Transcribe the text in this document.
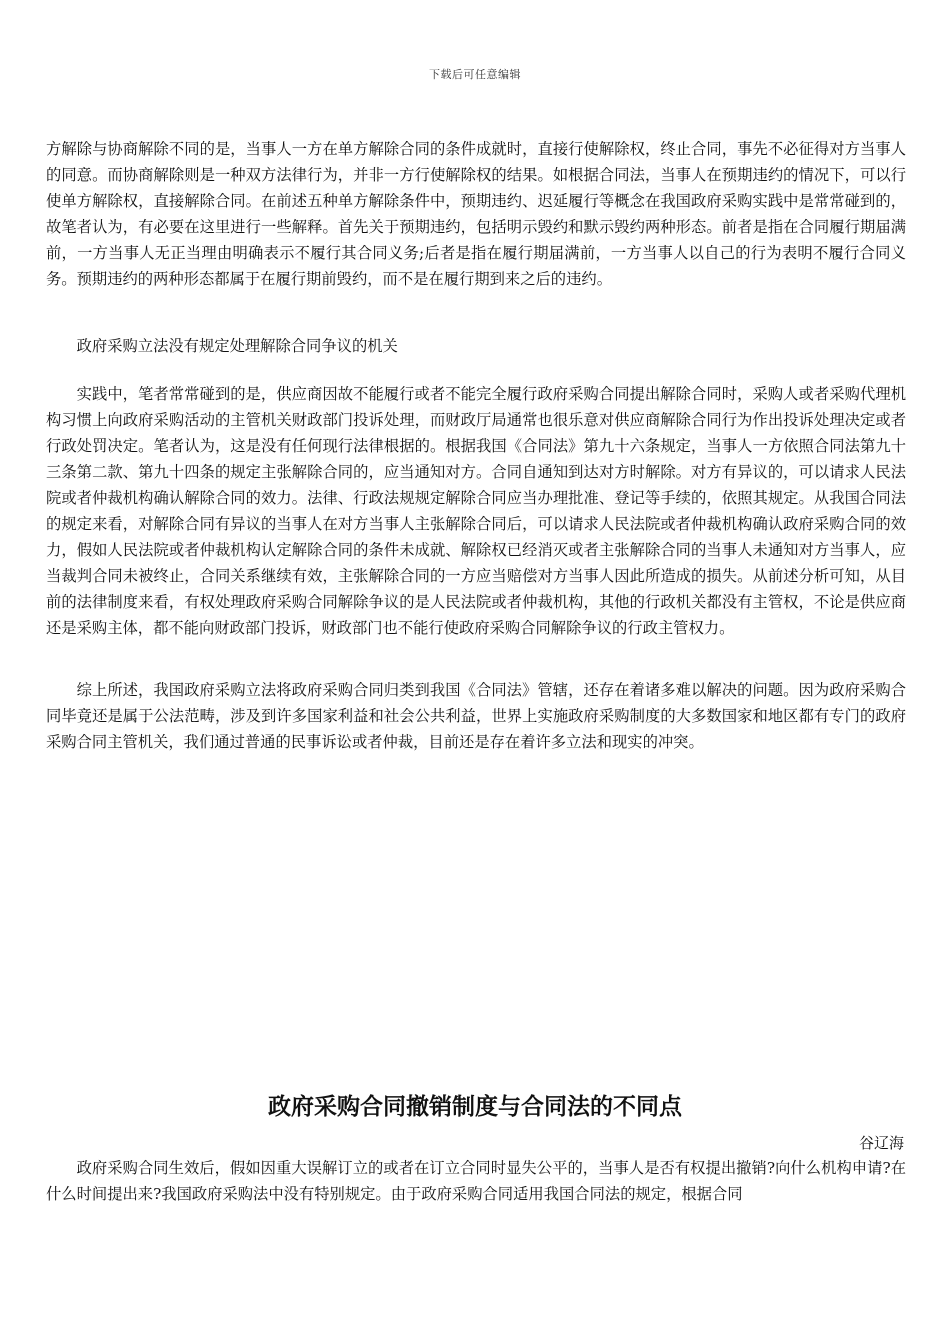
下载后可任意编辑

方解除与协商解除不同的是，当事人一方在单方解除合同的条件成就时，直接行使解除权，终止合同，事先不必征得对方当事人的同意。而协商解除则是一种双方法律行为，并非一方行使解除权的结果。如根据合同法，当事人在预期违约的情况下，可以行使单方解除权，直接解除合同。在前述五种单方解除条件中，预期违约、迟延履行等概念在我国政府采购实践中是常常碰到的，故笔者认为，有必要在这里进行一些解释。首先关于预期违约，包括明示毁约和默示毁约两种形态。前者是指在合同履行期届满前，一方当事人无正当理由明确表示不履行其合同义务;后者是指在履行期届满前，一方当事人以自己的行为表明不履行合同义务。预期违约的两种形态都属于在履行期前毁约，而不是在履行期到来之后的违约。

政府采购立法没有规定处理解除合同争议的机关

实践中，笔者常常碰到的是，供应商因故不能履行或者不能完全履行政府采购合同提出解除合同时，采购人或者采购代理机构习惯上向政府采购活动的主管机关财政部门投诉处理，而财政厅局通常也很乐意对供应商解除合同行为作出投诉处理决定或者行政处罚决定。笔者认为，这是没有任何现行法律根据的。根据我国《合同法》第九十六条规定，当事人一方依照合同法第九十三条第二款、第九十四条的规定主张解除合同的，应当通知对方。合同自通知到达对方时解除。对方有异议的，可以请求人民法院或者仲裁机构确认解除合同的效力。法律、行政法规规定解除合同应当办理批准、登记等手续的，依照其规定。从我国合同法的规定来看，对解除合同有异议的当事人在对方当事人主张解除合同后，可以请求人民法院或者仲裁机构确认政府采购合同的效力，假如人民法院或者仲裁机构认定解除合同的条件未成就、解除权已经消灭或者主张解除合同的当事人未通知对方当事人，应当裁判合同未被终止，合同关系继续有效，主张解除合同的一方应当赔偿对方当事人因此所造成的损失。从前述分析可知，从目前的法律制度来看，有权处理政府采购合同解除争议的是人民法院或者仲裁机构，其他的行政机关都没有主管权，不论是供应商还是采购主体，都不能向财政部门投诉，财政部门也不能行使政府采购合同解除争议的行政主管权力。

综上所述，我国政府采购立法将政府采购合同归类到我国《合同法》管辖，还存在着诸多难以解决的问题。因为政府采购合同毕竟还是属于公法范畴，涉及到许多国家利益和社会公共利益，世界上实施政府采购制度的大多数国家和地区都有专门的政府采购合同主管机关，我们通过普通的民事诉讼或者仲裁，目前还是存在着许多立法和现实的冲突。

政府采购合同撤销制度与合同法的不同点
谷辽海

政府采购合同生效后，假如因重大误解订立的或者在订立合同时显失公平的，当事人是否有权提出撤销?向什么机构申请?在什么时间提出来?我国政府采购法中没有特别规定。由于政府采购合同适用我国合同法的规定，根据合同
